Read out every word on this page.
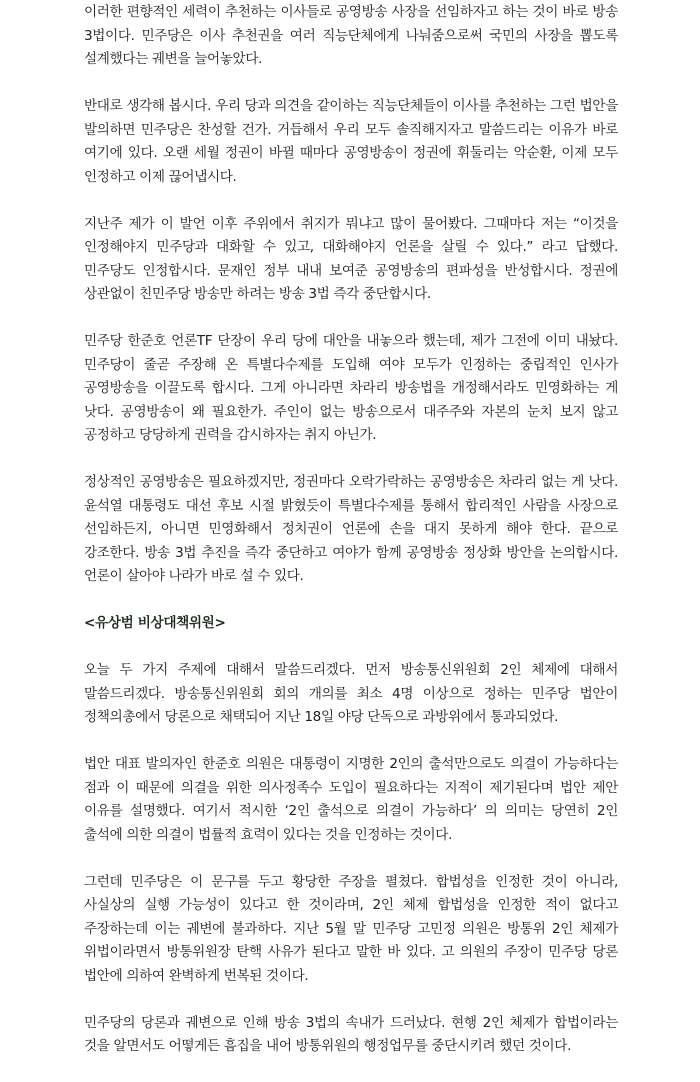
이러한 편향적인 세력이 추천하는 이사들로 공영방송 사장을 선임하자고 하는 것이 바로 방송 3법이다. 민주당은 이사 추천권을 여러 직능단체에게 나눠줌으로써 국민의 사장을 뽑도록 설계했다는 궤변을 늘어놓았다.

반대로 생각해 봅시다. 우리 당과 의견을 같이하는 직능단체들이 이사를 추천하는 그런 법안을 발의하면 민주당은 찬성할 건가. 거듭해서 우리 모두 솔직해지자고 말씀드리는 이유가 바로 여기에 있다. 오랜 세월 정권이 바뀔 때마다 공영방송이 정권에 휘둘리는 악순환, 이제 모두 인정하고 이제 끊어냅시다.

지난주 제가 이 발언 이후 주위에서 취지가 뭐냐고 많이 물어봤다. 그때마다 저는 “이것을 인정해야지 민주당과 대화할 수 있고, 대화해야지 언론을 살릴 수 있다.” 라고 답했다. 민주당도 인정합시다. 문재인 정부 내내 보여준 공영방송의 편파성을 반성합시다. 정권에 상관없이 친민주당 방송만 하려는 방송 3법 즉각 중단합시다.

민주당 한준호 언론TF 단장이 우리 당에 대안을 내놓으라 했는데, 제가 그전에 이미 내놨다. 민주당이 줄곧 주장해 온 특별다수제를 도입해 여야 모두가 인정하는 중립적인 인사가 공영방송을 이끌도록 합시다. 그게 아니라면 차라리 방송법을 개정해서라도 민영화하는 게 낫다. 공영방송이 왜 필요한가. 주인이 없는 방송으로서 대주주와 자본의 눈치 보지 않고 공정하고 당당하게 권력을 감시하자는 취지 아닌가.

정상적인 공영방송은 필요하겠지만, 정권마다 오락가락하는 공영방송은 차라리 없는 게 낫다. 윤석열 대통령도 대선 후보 시절 밝혔듯이 특별다수제를 통해서 합리적인 사람을 사장으로 선임하든지, 아니면 민영화해서 정치권이 언론에 손을 대지 못하게 해야 한다. 끝으로 강조한다. 방송 3법 추진을 즉각 중단하고 여야가 함께 공영방송 정상화 방안을 논의합시다. 언론이 살아야 나라가 바로 설 수 있다.

<유상범 비상대책위원>

오늘 두 가지 주제에 대해서 말씀드리겠다. 먼저 방송통신위원회 2인 체제에 대해서 말씀드리겠다. 방송통신위원회 회의 개의를 최소 4명 이상으로 정하는 민주당 법안이 정책의총에서 당론으로 채택되어 지난 18일 야당 단독으로 과방위에서 통과되었다.

법안 대표 발의자인 한준호 의원은 대통령이 지명한 2인의 출석만으로도 의결이 가능하다는 점과 이 때문에 의결을 위한 의사정족수 도입이 필요하다는 지적이 제기된다며 법안 제안 이유를 설명했다. 여기서 적시한 ‘2인 출석으로 의결이 가능하다’ 의 의미는 당연히 2인 출석에 의한 의결이 법률적 효력이 있다는 것을 인정하는 것이다.

그런데 민주당은 이 문구를 두고 황당한 주장을 펼쳤다. 합법성을 인정한 것이 아니라, 사실상의 실행 가능성이 있다고 한 것이라며, 2인 체제 합법성을 인정한 적이 없다고 주장하는데 이는 궤변에 불과하다. 지난 5월 말 민주당 고민정 의원은 방통위 2인 체제가 위법이라면서 방통위원장 탄핵 사유가 된다고 말한 바 있다. 고 의원의 주장이 민주당 당론 법안에 의하여 완벽하게 번복된 것이다.

민주당의 당론과 궤변으로 인해 방송 3법의 속내가 드러났다. 현행 2인 체제가 합법이라는 것을 알면서도 어떻게든 흠집을 내어 방통위원의 행정업무를 중단시키려 했던 것이다.
